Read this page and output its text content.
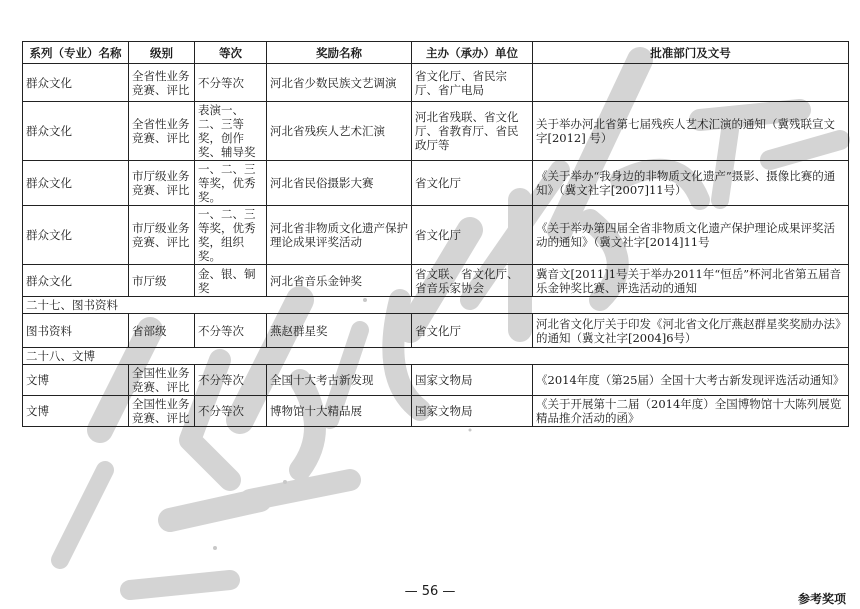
系列（专业）名称	级别	等次	奖励名称	主办（承办）单位	批准部门及文号
群众文化	全省性业务竞赛、评比	不分等次	河北省少数民族文艺调演	省文化厅、省民宗厅、省广电局	
群众文化	全省性业务竞赛、评比	表演一、二、三等奖，创作奖、辅导奖	河北省残疾人艺术汇演	河北省残联、省文化厅、省教育厅、省民政厅等	关于举办河北省第七届残疾人艺术汇演的通知（冀残联宣文字[2012] 号）
群众文化	市厅级业务竞赛、评比	一、二、三等奖，优秀奖。	河北省民俗摄影大赛	省文化厅	《关于举办“我身边的非物质文化遗产”摄影、摄像比赛的通知》（冀文社字[2007]11号）
群众文化	市厅级业务竞赛、评比	一、二、三等奖，优秀奖，组织奖。	河北省非物质文化遗产保护理论成果评奖活动	省文化厅	《关于举办第四届全省非物质文化遗产保护理论成果评奖活动的通知》（冀文社字[2014]11号
群众文化	市厅级	金、银、铜奖	河北省音乐金钟奖	省文联、省文化厅、省音乐家协会	冀音文[2011]1号关于举办2011年“恒岳”杯河北省第五届音乐金钟奖比赛、评选活动的通知
二十七、图书资料					
图书资料	省部级	不分等次	燕赵群星奖	省文化厅	河北省文化厅关于印发《河北省文化厅燕赵群星奖奖励办法》的通知（冀文社字[2004]6号）
二十八、文博					
文博	全国性业务竞赛、评比	不分等次	全国十大考古新发现	国家文物局	《2014年度（第25届）全国十大考古新发现评选活动通知》
文博	全国性业务竞赛、评比	不分等次	博物馆十大精品展	国家文物局	《关于开展第十二届（2014年度）全国博物馆十大陈列展览精品推介活动的函》
— 56 —	参考奖项
